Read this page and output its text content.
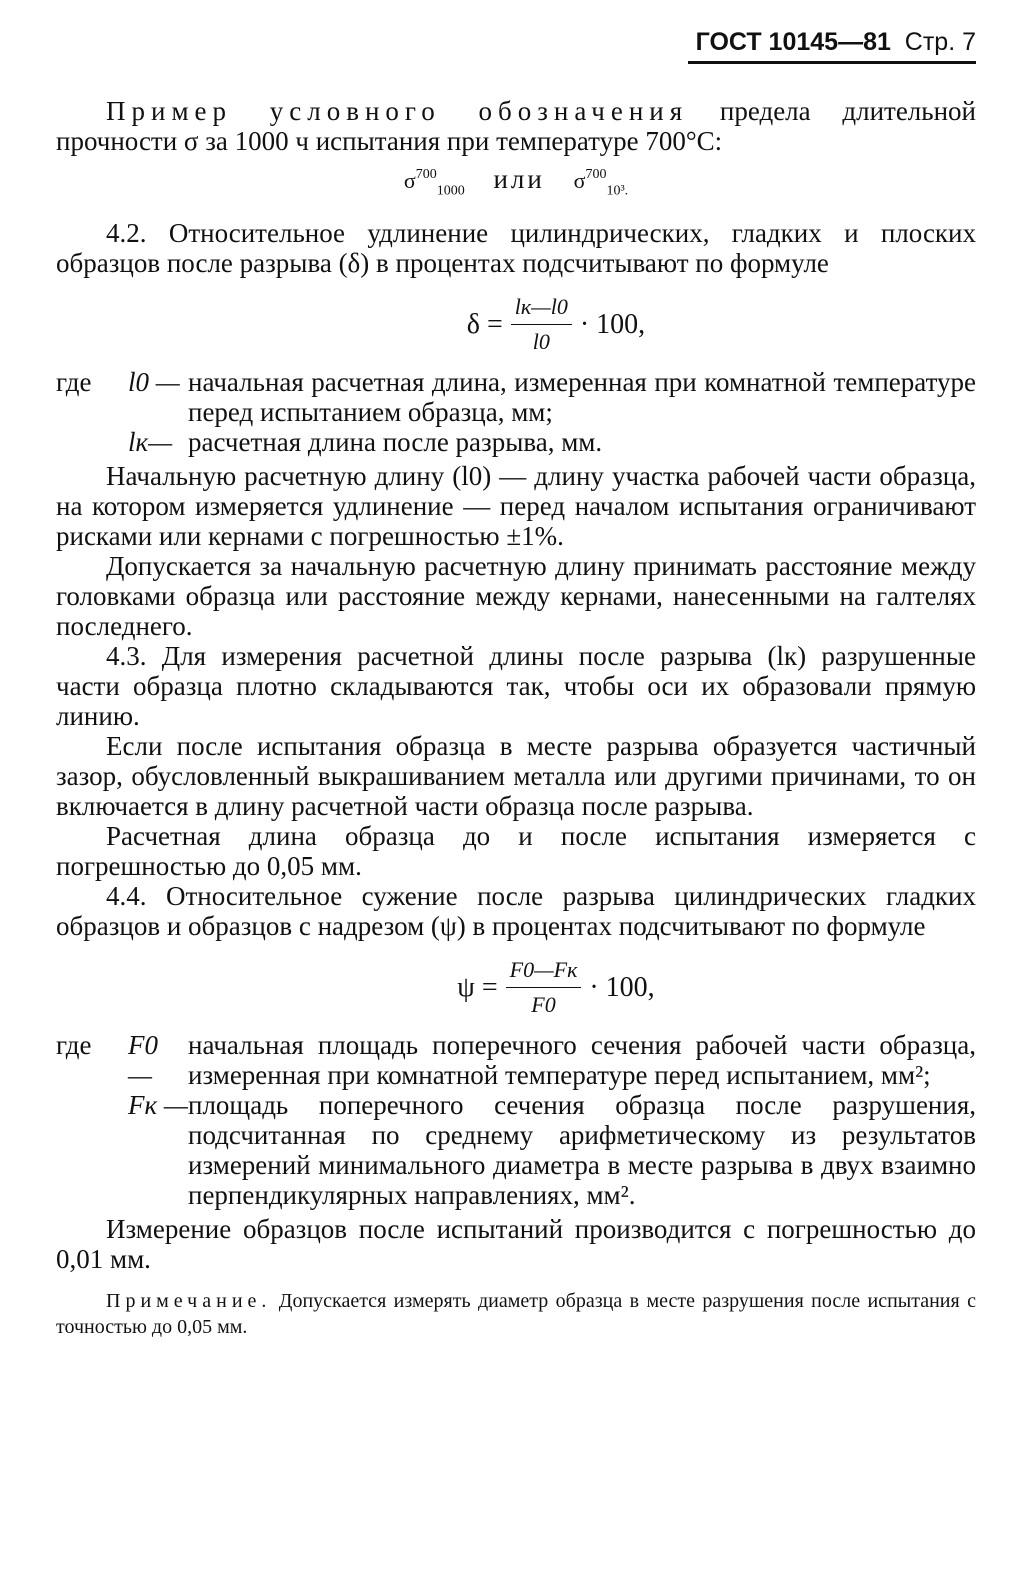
ГОСТ 10145—81 Стр. 7

Пример условного обозначения предела длительной прочности σ за 1000 ч испытания при температуре 700°С:

$\sigma^{700}_{1000}$ или $\sigma^{700}_{10^3.}$

4.2. Относительное удлинение цилиндрических, гладких и плоских образцов после разрыва (δ) в процентах подсчитывают по формуле

$\delta = \frac{lк—l0}{l0} \cdot 100$,
где	l0 — начальная расчетная длина, измеренная при комнатной температуре перед испытанием образца, мм;
lк— расчетная длина после разрыва, мм.

Начальную расчетную длину (l0) — длину участка рабочей части образца, на котором измеряется удлинение — перед началом испытания ограничивают рисками или кернами с погрешностью ±1%.

Допускается за начальную расчетную длину принимать расстояние между головками образца или расстояние между кернами, нанесенными на галтелях последнего.

4.3. Для измерения расчетной длины после разрыва (lк) разрушенные части образца плотно складываются так, чтобы оси их образовали прямую линию.

Если после испытания образца в месте разрыва образуется частичный зазор, обусловленный выкрашиванием металла или другими причинами, то он включается в длину расчетной части образца после разрыва.

Расчетная длина образца до и после испытания измеряется с погрешностью до 0,05 мм.

4.4. Относительное сужение после разрыва цилиндрических гладких образцов и образцов с надрезом (ψ) в процентах подсчитывают по формуле

$\psi = \frac{F0—Fк}{F0} \cdot 100$,
где	F0 —
начальная площадь поперечного сечения рабочей части образца, измеренная при комнатной температуре перед испытанием, мм²;
Fк — площадь поперечного сечения образца после разрушения, подсчитанная по среднему арифметическому из результатов измерений минимального диаметра в месте разрыва в двух взаимно перпендикулярных направлениях, мм².

Измерение образцов после испытаний производится с погрешностью до 0,01 мм.

Примечание. Допускается измерять диаметр образца в месте разрушения после испытания с точностью до 0,05 мм.
